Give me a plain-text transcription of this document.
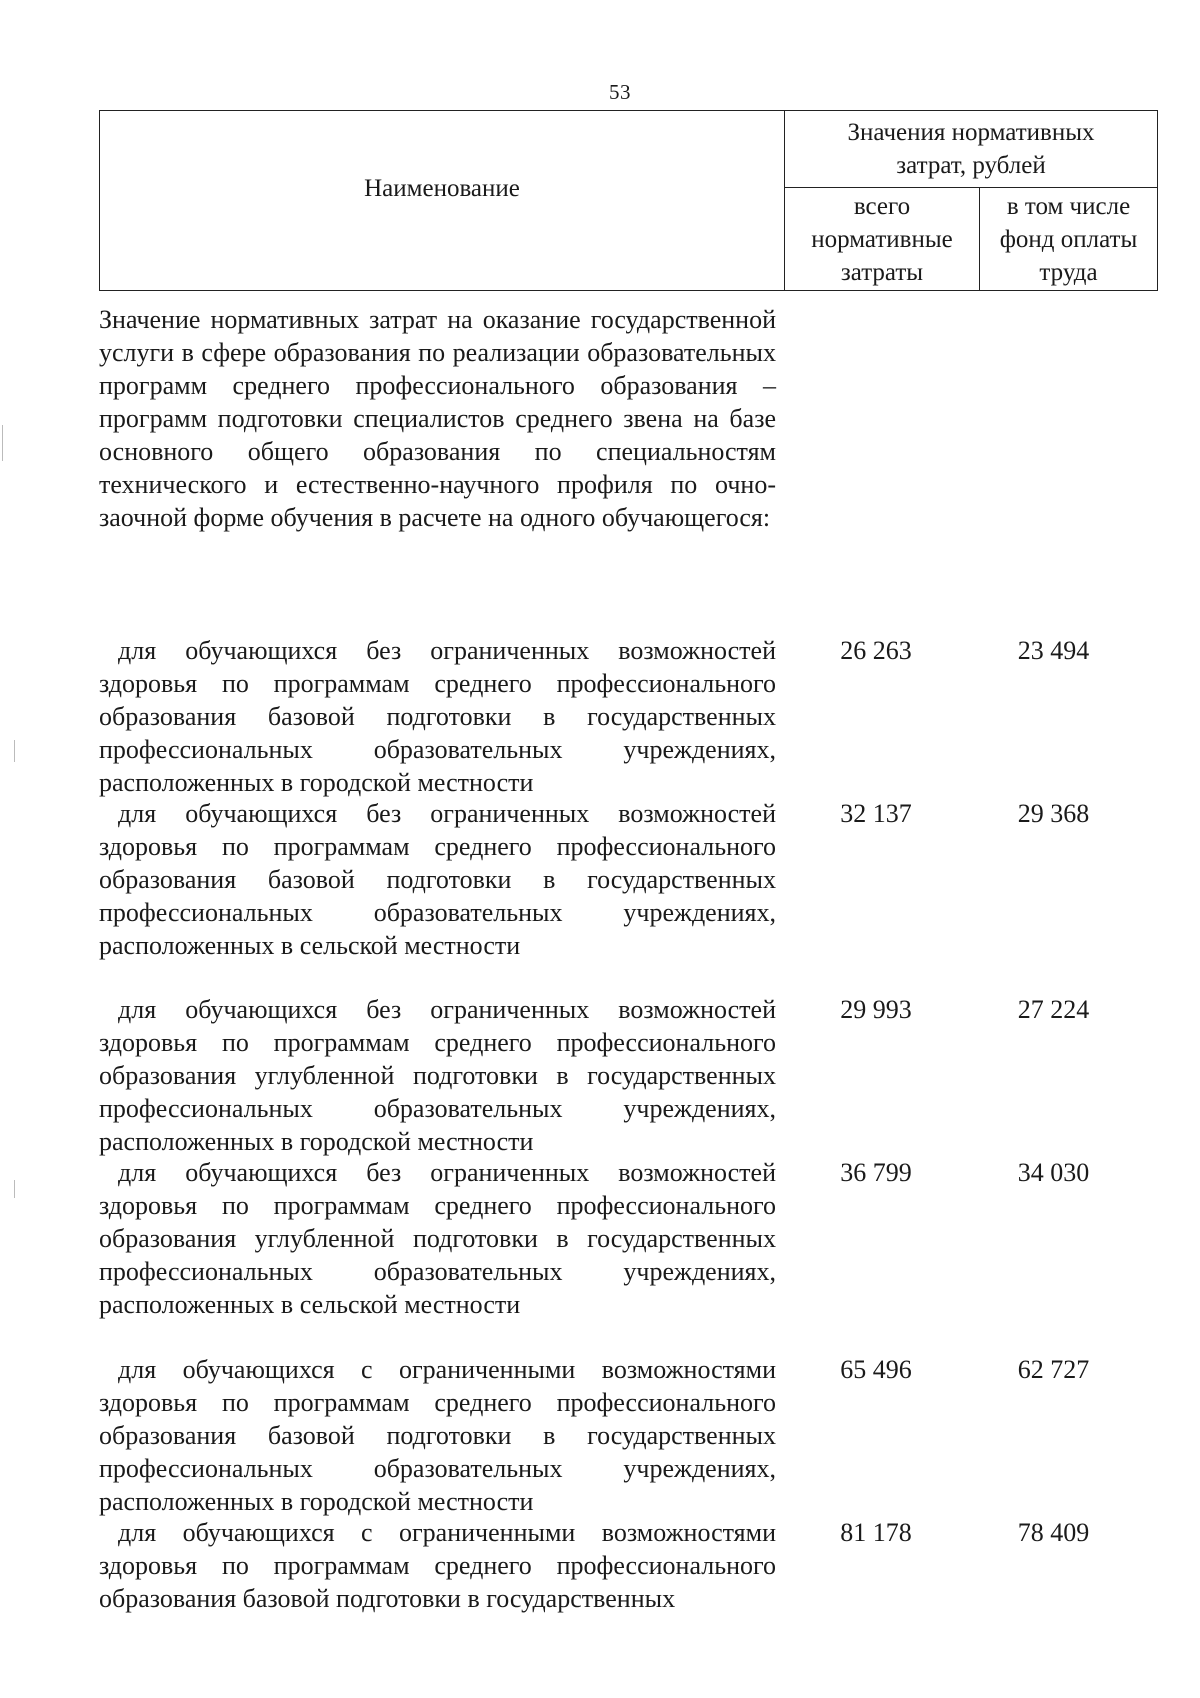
53
Наименование	Значения нормативных затрат, рублей	
	всего нормативные затраты	в том числе фонд оплаты труда
Значение нормативных затрат на оказание государственной услуги в сфере образования по реализации образовательных программ среднего профессионального образования – программ подготовки специалистов среднего звена на базе основного общего образования по специальностям технического и естественно-научного профиля по очно-заочной форме обучения в расчете на одного обучающегося:
для обучающихся без ограниченных возможностей здоровья по программам среднего профессионального образования базовой подготовки в государственных профессиональных образовательных учреждениях, расположенных в городской местности
26 263	23 494
для обучающихся без ограниченных возможностей здоровья по программам среднего профессионального образования базовой подготовки в государственных профессиональных образовательных учреждениях, расположенных в сельской местности
32 137	29 368
для обучающихся без ограниченных возможностей здоровья по программам среднего профессионального образования углубленной подготовки в государственных профессиональных образовательных учреждениях, расположенных в городской местности
29 993	27 224
для обучающихся без ограниченных возможностей здоровья по программам среднего профессионального образования углубленной подготовки в государственных профессиональных образовательных учреждениях, расположенных в сельской местности
36 799	34 030
для обучающихся с ограниченными возможностями здоровья по программам среднего профессионального образования базовой подготовки в государственных профессиональных образовательных учреждениях, расположенных в городской местности
65 496	62 727
для обучающихся с ограниченными возможностями здоровья по программам среднего профессионального образования базовой подготовки в государственных
81 178	78 409
